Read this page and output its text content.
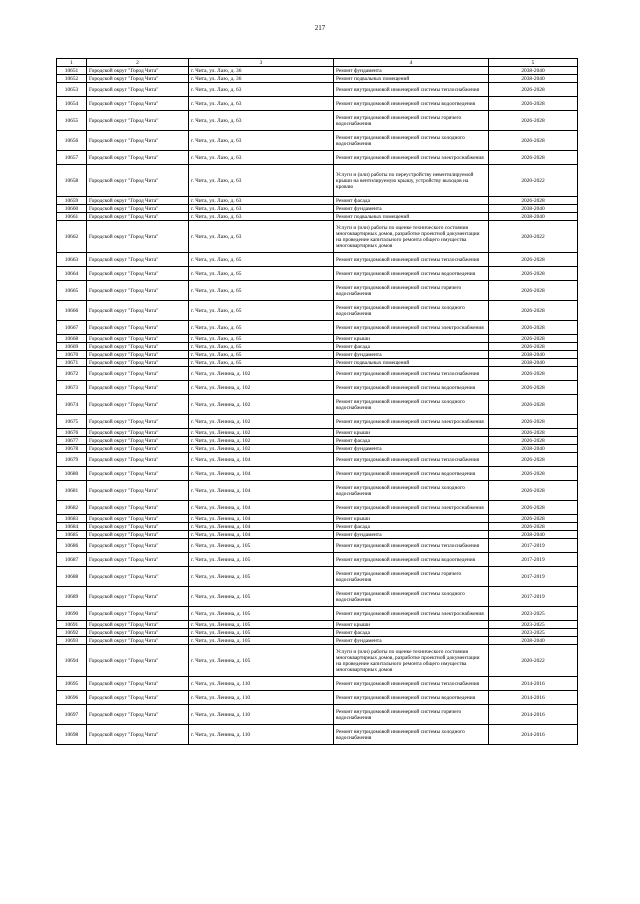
217
1	2	3	4	5
10651	Городской округ "Город Чита"	г. Чита, ул. Лазо, д. 36	Ремонт фундамента	2038-2040
10652	Городской округ "Город Чита"	г. Чита, ул. Лазо, д. 36	Ремонт подвальных помещений	2038-2040
10653	Городской округ "Город Чита"	г. Чита, ул. Лазо, д. 63	Ремонт внутридомовой инженерной системы теплоснабжения	2026-2028
10654	Городской округ "Город Чита"	г. Чита, ул. Лазо, д. 63	Ремонт внутридомовой инженерной системы водоотведения	2026-2028
10655	Городской округ "Город Чита"	г. Чита, ул. Лазо, д. 63	Ремонт внутридомовой инженерной системы горячего водоснабжения	2026-2028
10656	Городской округ "Город Чита"	г. Чита, ул. Лазо, д. 63	Ремонт внутридомовой инженерной системы холодного водоснабжения	2026-2028
10657	Городской округ "Город Чита"	г. Чита, ул. Лазо, д. 63	Ремонт внутридомовой инженерной системы электроснабжения	2026-2028
10658	Городской округ "Город Чита"	г. Чита, ул. Лазо, д. 63	Услуги и (или) работы по переустройству невентилируемой крыши на вентилируемую крышу, устройству выходов на кровлю	2020-2022
10659	Городской округ "Город Чита"	г. Чита, ул. Лазо, д. 63	Ремонт фасада	2026-2028
10660	Городской округ "Город Чита"	г. Чита, ул. Лазо, д. 63	Ремонт фундамента	2038-2040
10661	Городской округ "Город Чита"	г. Чита, ул. Лазо, д. 63	Ремонт подвальных помещений	2038-2040
10662	Городской округ "Город Чита"	г. Чита, ул. Лазо, д. 63	Услуги и (или) работы по оценке технического состояния многоквартирных домов, разработке проектной документации на проведение капитального ремонта общего имущества многоквартирных домов	2020-2022
10663	Городской округ "Город Чита"	г. Чита, ул. Лазо, д. 65	Ремонт внутридомовой инженерной системы теплоснабжения	2026-2028
10664	Городской округ "Город Чита"	г. Чита, ул. Лазо, д. 65	Ремонт внутридомовой инженерной системы водоотведения	2026-2028
10665	Городской округ "Город Чита"	г. Чита, ул. Лазо, д. 65	Ремонт внутридомовой инженерной системы горячего водоснабжения	2026-2028
10666	Городской округ "Город Чита"	г. Чита, ул. Лазо, д. 65	Ремонт внутридомовой инженерной системы холодного водоснабжения	2026-2028
10667	Городской округ "Город Чита"	г. Чита, ул. Лазо, д. 65	Ремонт внутридомовой инженерной системы электроснабжения	2026-2028
10668	Городской округ "Город Чита"	г. Чита, ул. Лазо, д. 65	Ремонт крыши	2026-2028
10669	Городской округ "Город Чита"	г. Чита, ул. Лазо, д. 65	Ремонт фасада	2026-2028
10670	Городской округ "Город Чита"	г. Чита, ул. Лазо, д. 65	Ремонт фундамента	2038-2040
10671	Городской округ "Город Чита"	г. Чита, ул. Лазо, д. 65	Ремонт подвальных помещений	2038-2040
10672	Городской округ "Город Чита"	г. Чита, ул. Ленина, д. 102	Ремонт внутридомовой инженерной системы теплоснабжения	2026-2028
10673	Городской округ "Город Чита"	г. Чита, ул. Ленина, д. 102	Ремонт внутридомовой инженерной системы водоотведения	2026-2028
10674	Городской округ "Город Чита"	г. Чита, ул. Ленина, д. 102	Ремонт внутридомовой инженерной системы холодного водоснабжения	2026-2028
10675	Городской округ "Город Чита"	г. Чита, ул. Ленина, д. 102	Ремонт внутридомовой инженерной системы электроснабжения	2026-2028
10676	Городской округ "Город Чита"	г. Чита, ул. Ленина, д. 102	Ремонт крыши	2026-2028
10677	Городской округ "Город Чита"	г. Чита, ул. Ленина, д. 102	Ремонт фасада	2026-2028
10678	Городской округ "Город Чита"	г. Чита, ул. Ленина, д. 102	Ремонт фундамента	2038-2040
10679	Городской округ "Город Чита"	г. Чита, ул. Ленина, д. 104	Ремонт внутридомовой инженерной системы теплоснабжения	2026-2028
10680	Городской округ "Город Чита"	г. Чита, ул. Ленина, д. 104	Ремонт внутридомовой инженерной системы водоотведения	2026-2028
10681	Городской округ "Город Чита"	г. Чита, ул. Ленина, д. 104	Ремонт внутридомовой инженерной системы холодного водоснабжения	2026-2028
10682	Городской округ "Город Чита"	г. Чита, ул. Ленина, д. 104	Ремонт внутридомовой инженерной системы электроснабжения	2026-2028
10683	Городской округ "Город Чита"	г. Чита, ул. Ленина, д. 104	Ремонт крыши	2026-2028
10684	Городской округ "Город Чита"	г. Чита, ул. Ленина, д. 104	Ремонт фасада	2026-2028
10685	Городской округ "Город Чита"	г. Чита, ул. Ленина, д. 104	Ремонт фундамента	2038-2040
10686	Городской округ "Город Чита"	г. Чита, ул. Ленина, д. 105	Ремонт внутридомовой инженерной системы теплоснабжения	2017-2019
10687	Городской округ "Город Чита"	г. Чита, ул. Ленина, д. 105	Ремонт внутридомовой инженерной системы водоотведения	2017-2019
10688	Городской округ "Город Чита"	г. Чита, ул. Ленина, д. 105	Ремонт внутридомовой инженерной системы горячего водоснабжения	2017-2019
10689	Городской округ "Город Чита"	г. Чита, ул. Ленина, д. 105	Ремонт внутридомовой инженерной системы холодного водоснабжения	2017-2019
10690	Городской округ "Город Чита"	г. Чита, ул. Ленина, д. 105	Ремонт внутридомовой инженерной системы электроснабжения	2023-2025
10691	Городской округ "Город Чита"	г. Чита, ул. Ленина, д. 105	Ремонт крыши	2023-2025
10692	Городской округ "Город Чита"	г. Чита, ул. Ленина, д. 105	Ремонт фасада	2023-2025
10693	Городской округ "Город Чита"	г. Чита, ул. Ленина, д. 105	Ремонт фундамента	2038-2040
10694	Городской округ "Город Чита"	г. Чита, ул. Ленина, д. 105	Услуги и (или) работы по оценке технического состояния многоквартирных домов, разработке проектной документации на проведение капитального ремонта общего имущества многоквартирных домов	2020-2022
10695	Городской округ "Город Чита"	г. Чита, ул. Ленина, д. 110	Ремонт внутридомовой инженерной системы теплоснабжения	2014-2016
10696	Городской округ "Город Чита"	г. Чита, ул. Ленина, д. 110	Ремонт внутридомовой инженерной системы водоотведения	2014-2016
10697	Городской округ "Город Чита"	г. Чита, ул. Ленина, д. 110	Ремонт внутридомовой инженерной системы горячего водоснабжения	2014-2016
10698	Городской округ "Город Чита"	г. Чита, ул. Ленина, д. 110	Ремонт внутридомовой инженерной системы холодного водоснабжения	2014-2016
